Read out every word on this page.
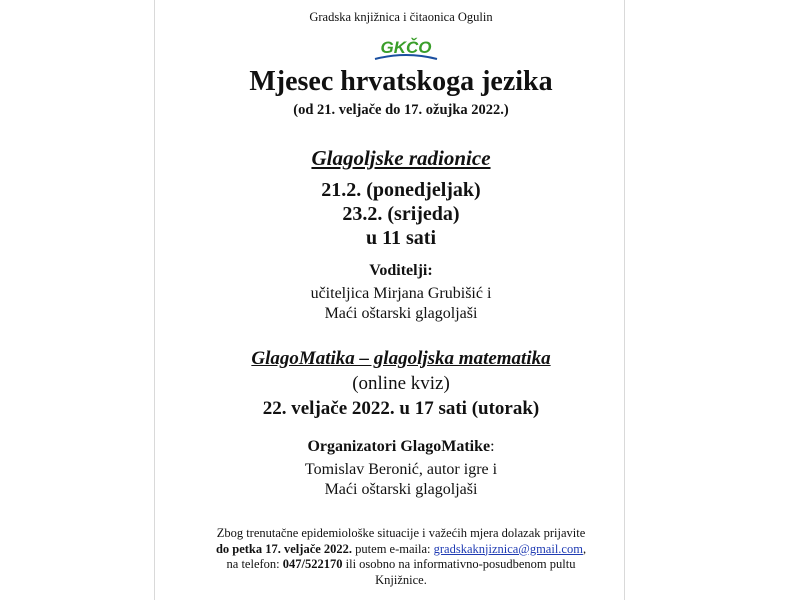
Gradska knjižnica i čitaonica Ogulin
GKČO
Mjesec hrvatskoga jezika
(od 21. veljače do 17. ožujka 2022.)
Glagoljske radionice
21.2. (ponedjeljak)
23.2. (srijeda)
u 11 sati
Voditelji:
učiteljica Mirjana Grubišić i
Maći oštarski glagoljaši
GlagoMatika – glagoljska matematika
(online kviz)
22. veljače 2022. u 17 sati (utorak)
Organizatori GlagoMatike:
Tomislav Beronić, autor igre i
Maći oštarski glagoljaši
Zbog trenutačne epidemiološke situacije i važećih mjera dolazak prijavite
do petka 17. veljače 2022. putem e-maila: gradskaknjiznica@gmail.com,
na telefon: 047/522170 ili osobno na informativno-posudbenom pultu
Knjižnice.
